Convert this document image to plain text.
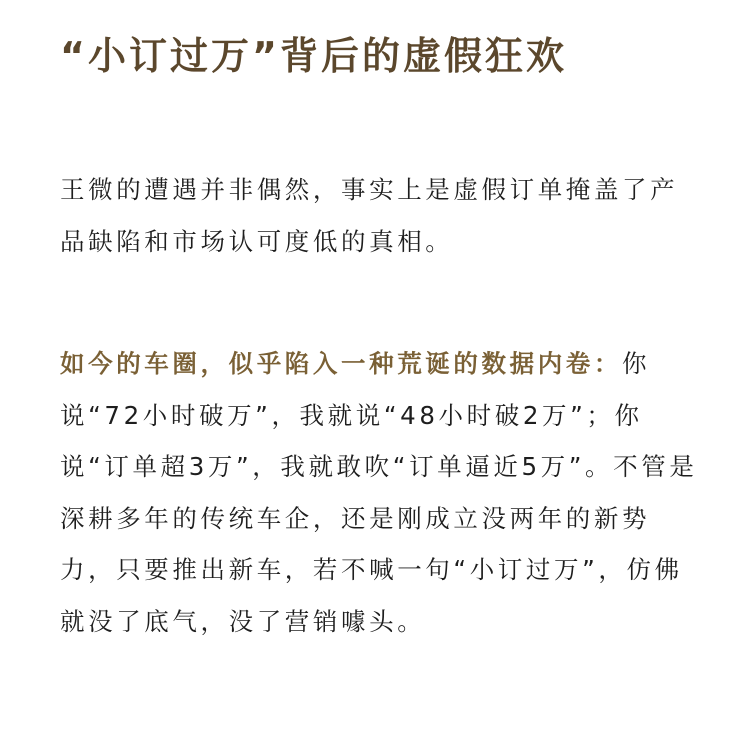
“小订过万”背后的虚假狂欢

王微的遭遇并非偶然，事实上是虚假订单掩盖了产品缺陷和市场认可度低的真相。

如今的车圈，似乎陷入一种荒诞的数据内卷：你说“72小时破万”，我就说“48小时破2万”；你说“订单超3万”，我就敢吹“订单逼近5万”。不管是深耕多年的传统车企，还是刚成立没两年的新势力，只要推出新车，若不喊一句“小订过万”，仿佛就没了底气，没了营销噱头。
